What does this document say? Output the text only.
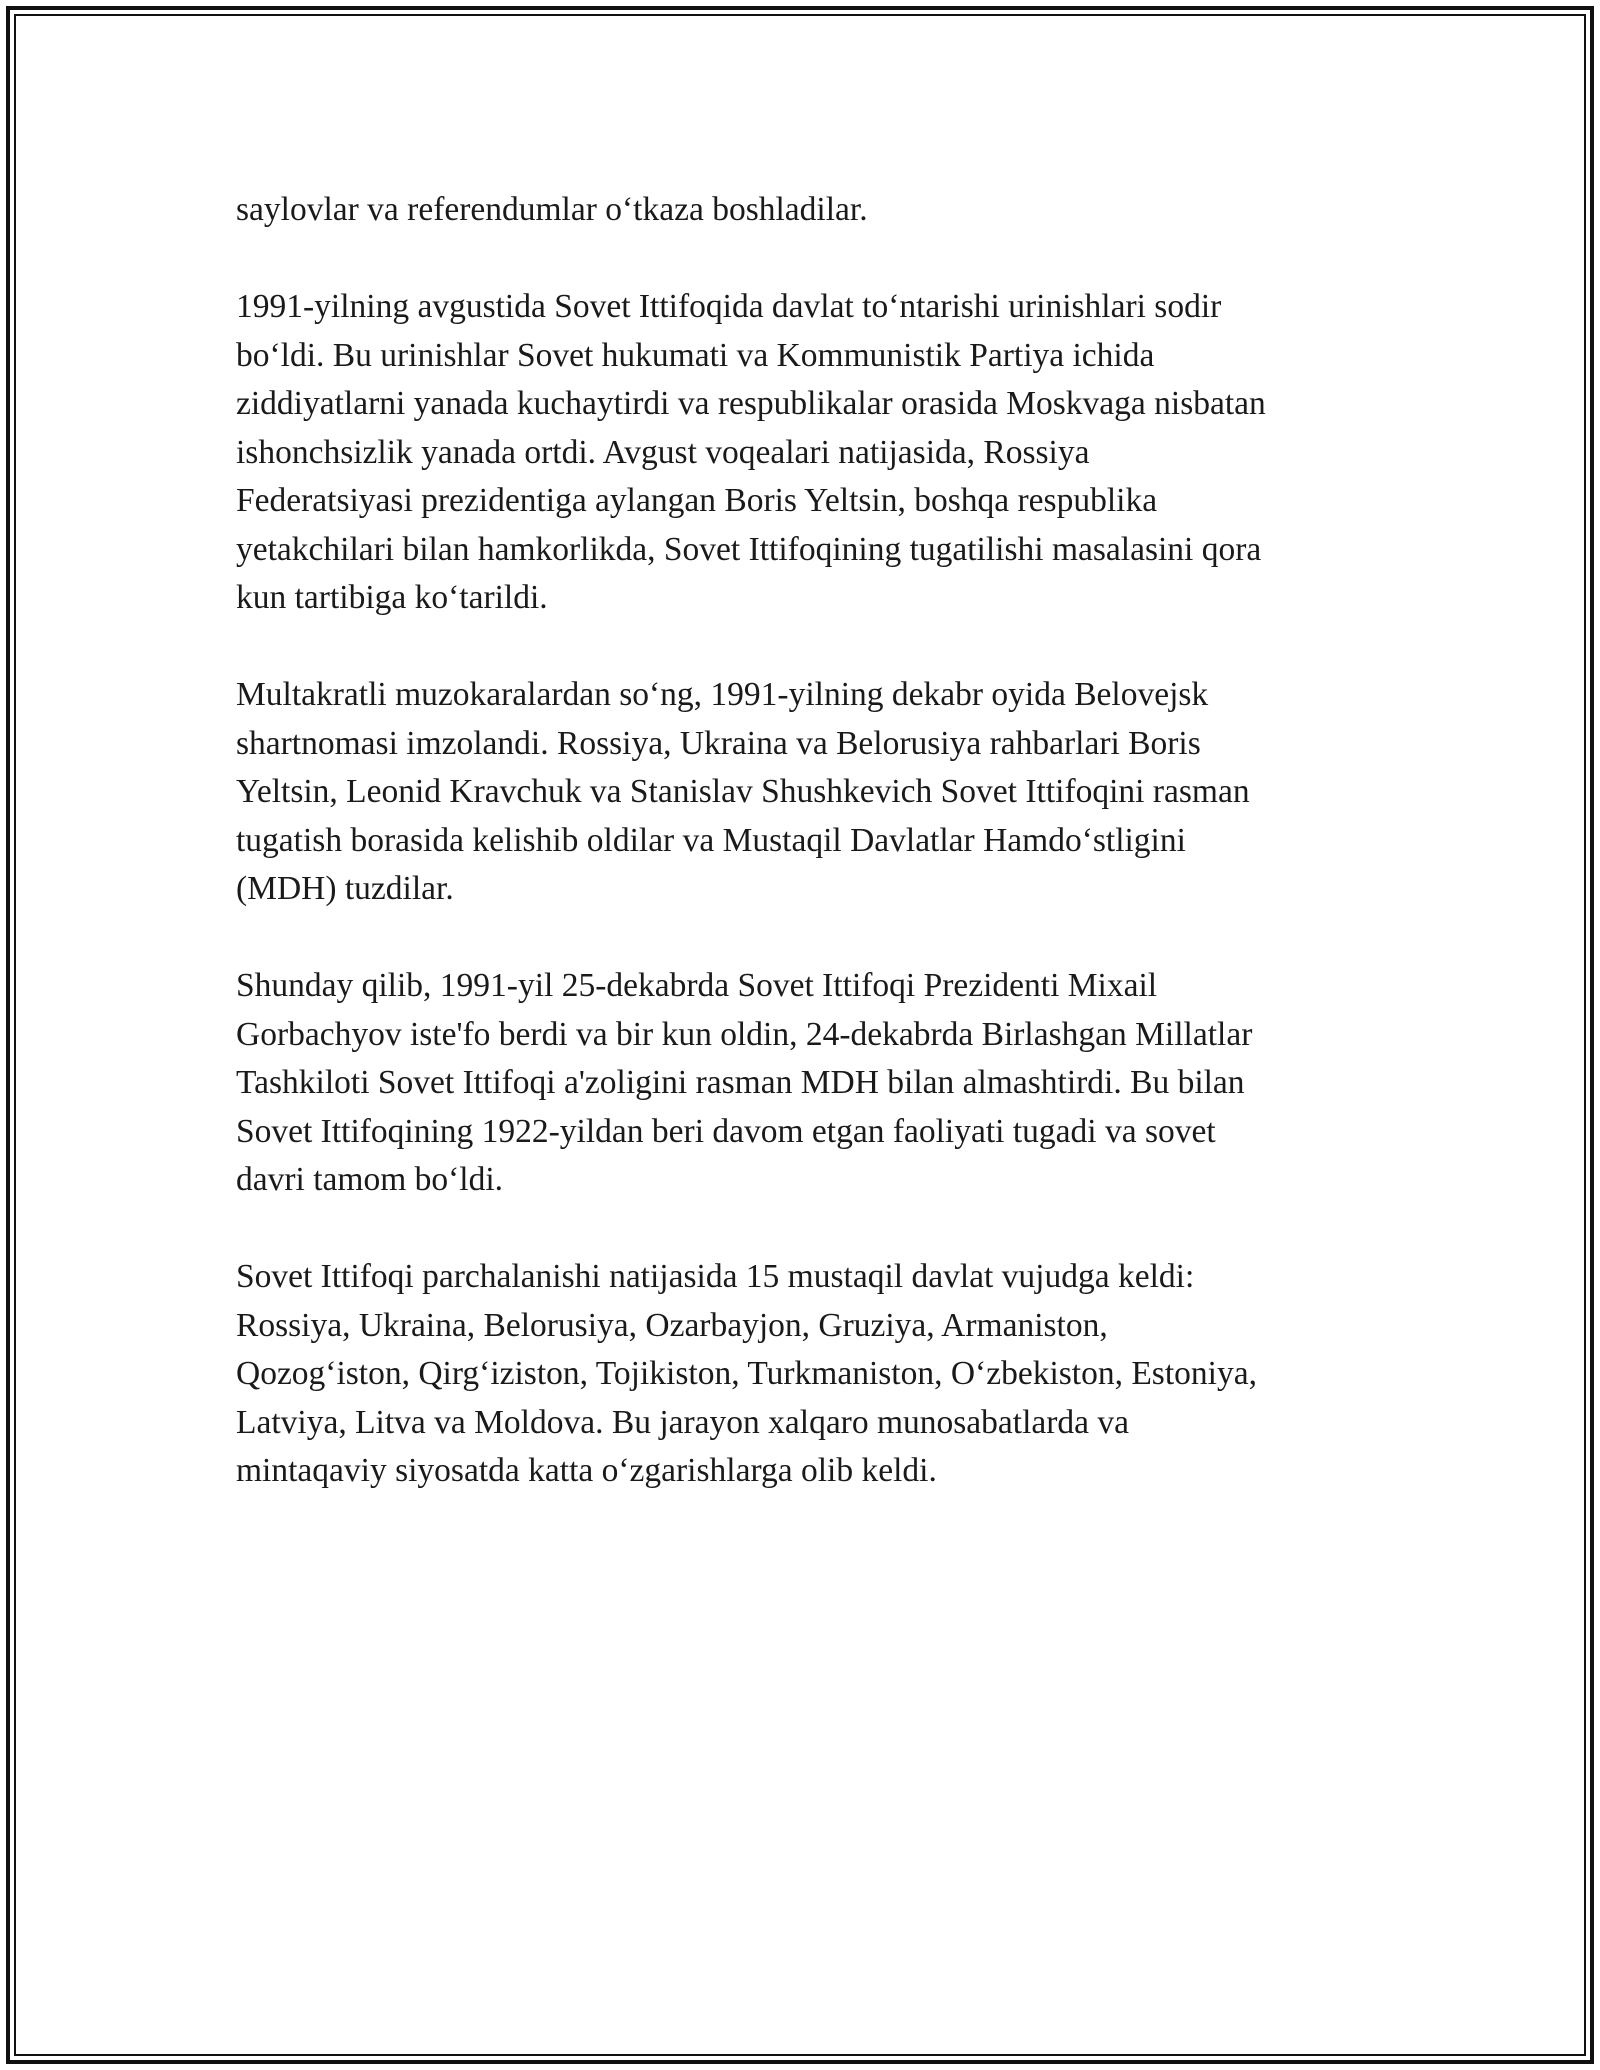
saylovlar va referendumlar o‘tkaza boshladilar.

1991-yilning avgustida Sovet Ittifoqida davlat to‘ntarishi urinishlari sodir
bo‘ldi. Bu urinishlar Sovet hukumati va Kommunistik Partiya ichida
ziddiyatlarni yanada kuchaytirdi va respublikalar orasida Moskvaga nisbatan
ishonchsizlik yanada ortdi. Avgust voqealari natijasida, Rossiya
Federatsiyasi prezidentiga aylangan Boris Yeltsin, boshqa respublika
yetakchilari bilan hamkorlikda, Sovet Ittifoqining tugatilishi masalasini qora
kun tartibiga ko‘tarildi.

Multakratli muzokaralardan so‘ng, 1991-yilning dekabr oyida Belovejsk
shartnomasi imzolandi. Rossiya, Ukraina va Belorusiya rahbarlari Boris
Yeltsin, Leonid Kravchuk va Stanislav Shushkevich Sovet Ittifoqini rasman
tugatish borasida kelishib oldilar va Mustaqil Davlatlar Hamdo‘stligini
(MDH) tuzdilar.

Shunday qilib, 1991-yil 25-dekabrda Sovet Ittifoqi Prezidenti Mixail
Gorbachyov iste'fo berdi va bir kun oldin, 24-dekabrda Birlashgan Millatlar
Tashkiloti Sovet Ittifoqi a'zoligini rasman MDH bilan almashtirdi. Bu bilan
Sovet Ittifoqining 1922-yildan beri davom etgan faoliyati tugadi va sovet
davri tamom bo‘ldi.

Sovet Ittifoqi parchalanishi natijasida 15 mustaqil davlat vujudga keldi:
Rossiya, Ukraina, Belorusiya, Ozarbayjon, Gruziya, Armaniston,
Qozog‘iston, Qirg‘iziston, Tojikiston, Turkmaniston, O‘zbekiston, Estoniya,
Latviya, Litva va Moldova. Bu jarayon xalqaro munosabatlarda va
mintaqaviy siyosatda katta o‘zgarishlarga olib keldi.
